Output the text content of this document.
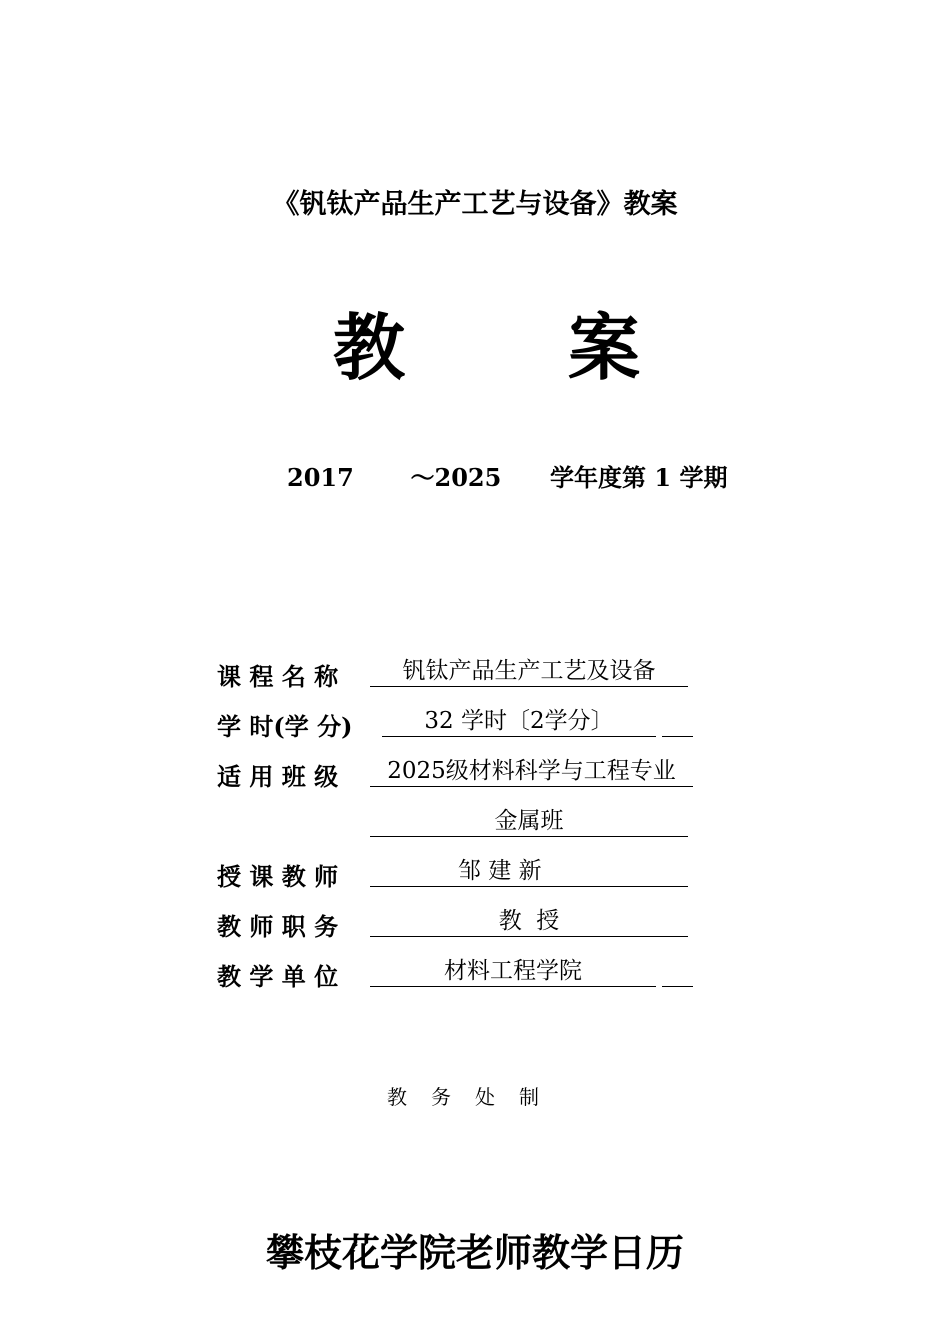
《钒钛产品生产工艺与设备》教案
教 案
2017 ～2025 学年度第 1 学期
课 程 名 称	钒钛产品生产工艺及设备
学 时(学 分)	32 学时〔2学分〕
适 用 班 级	2025级材料科学与工程专业
金属班
授 课 教 师	邹 建 新
教 师 职 务	教  授
教 学 单 位	材料工程学院
教务处制
攀枝花学院老师教学日历
